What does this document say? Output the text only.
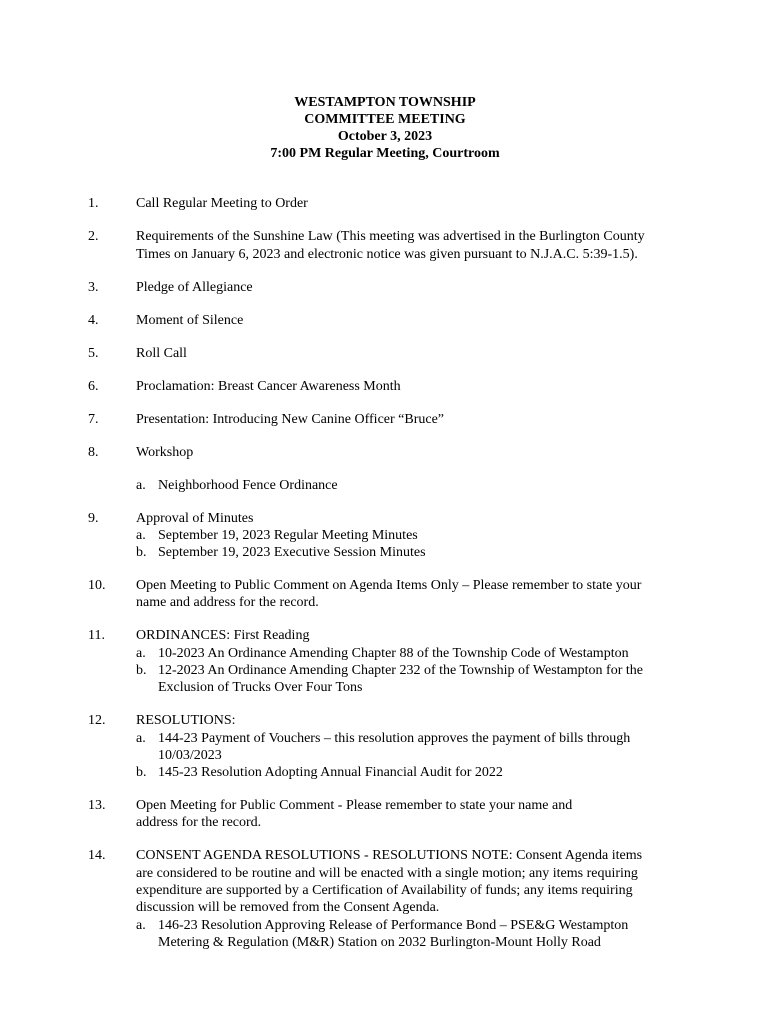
WESTAMPTON TOWNSHIP
COMMITTEE MEETING
October 3, 2023
7:00 PM Regular Meeting, Courtroom
1.	Call Regular Meeting to Order
2.	Requirements of the Sunshine Law (This meeting was advertised in the Burlington County
Times on January 6, 2023 and electronic notice was given pursuant to N.J.A.C. 5:39-1.5).
3.	Pledge of Allegiance
4.	Moment of Silence
5.	Roll Call
6.	Proclamation: Breast Cancer Awareness Month
7.	Presentation: Introducing New Canine Officer “Bruce”
8.	Workshop
a. Neighborhood Fence Ordinance
9.	Approval of Minutes
a. September 19, 2023 Regular Meeting Minutes
b. September 19, 2023 Executive Session Minutes
10. Open Meeting to Public Comment on Agenda Items Only – Please remember to state your
name and address for the record.
11. ORDINANCES: First Reading
a. 10-2023 An Ordinance Amending Chapter 88 of the Township Code of Westampton
b. 12-2023 An Ordinance Amending Chapter 232 of the Township of Westampton for the
Exclusion of Trucks Over Four Tons
12. RESOLUTIONS:
a. 144-23 Payment of Vouchers – this resolution approves the payment of bills through
10/03/2023
b. 145-23 Resolution Adopting Annual Financial Audit for 2022
13. Open Meeting for Public Comment - Please remember to state your name and
address for the record.
14. CONSENT AGENDA RESOLUTIONS - RESOLUTIONS NOTE: Consent Agenda items
are considered to be routine and will be enacted with a single motion; any items requiring
expenditure are supported by a Certification of Availability of funds; any items requiring
discussion will be removed from the Consent Agenda.
a. 146-23 Resolution Approving Release of Performance Bond – PSE&G Westampton
Metering & Regulation (M&R) Station on 2032 Burlington-Mount Holly Road
